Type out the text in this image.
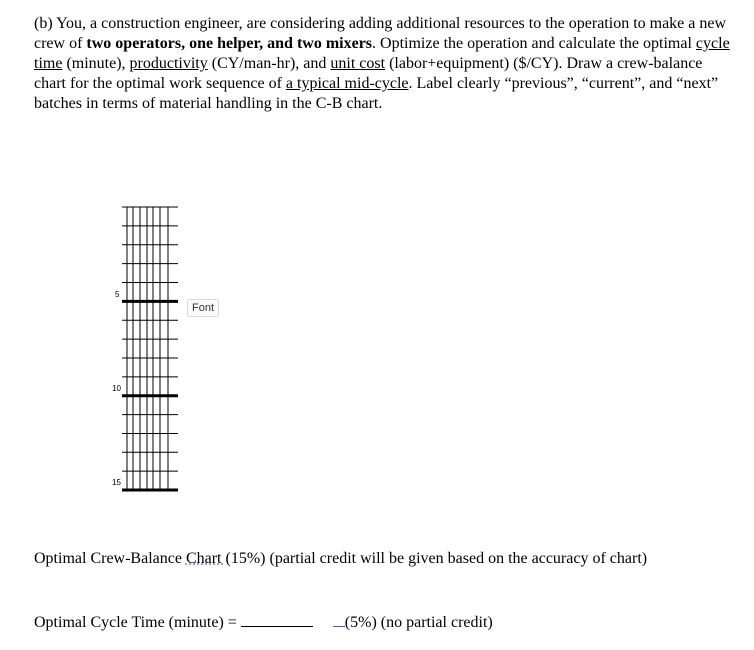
(b) You, a construction engineer, are considering adding additional resources to the operation to make a new crew of two operators, one helper, and two mixers. Optimize the operation and calculate the optimal cycle time (minute), productivity (CY/man-hr), and unit cost (labor+equipment) ($/CY). Draw a crew-balance chart for the optimal work sequence of a typical mid-cycle. Label clearly “previous”, “current”, and “next” batches in terms of material handling in the C-B chart.
5
10
15
Font
Optimal Crew-Balance Chart (15%) (partial credit will be given based on the accuracy of chart)
Optimal Cycle Time (minute) =	(5%) (no partial credit)
